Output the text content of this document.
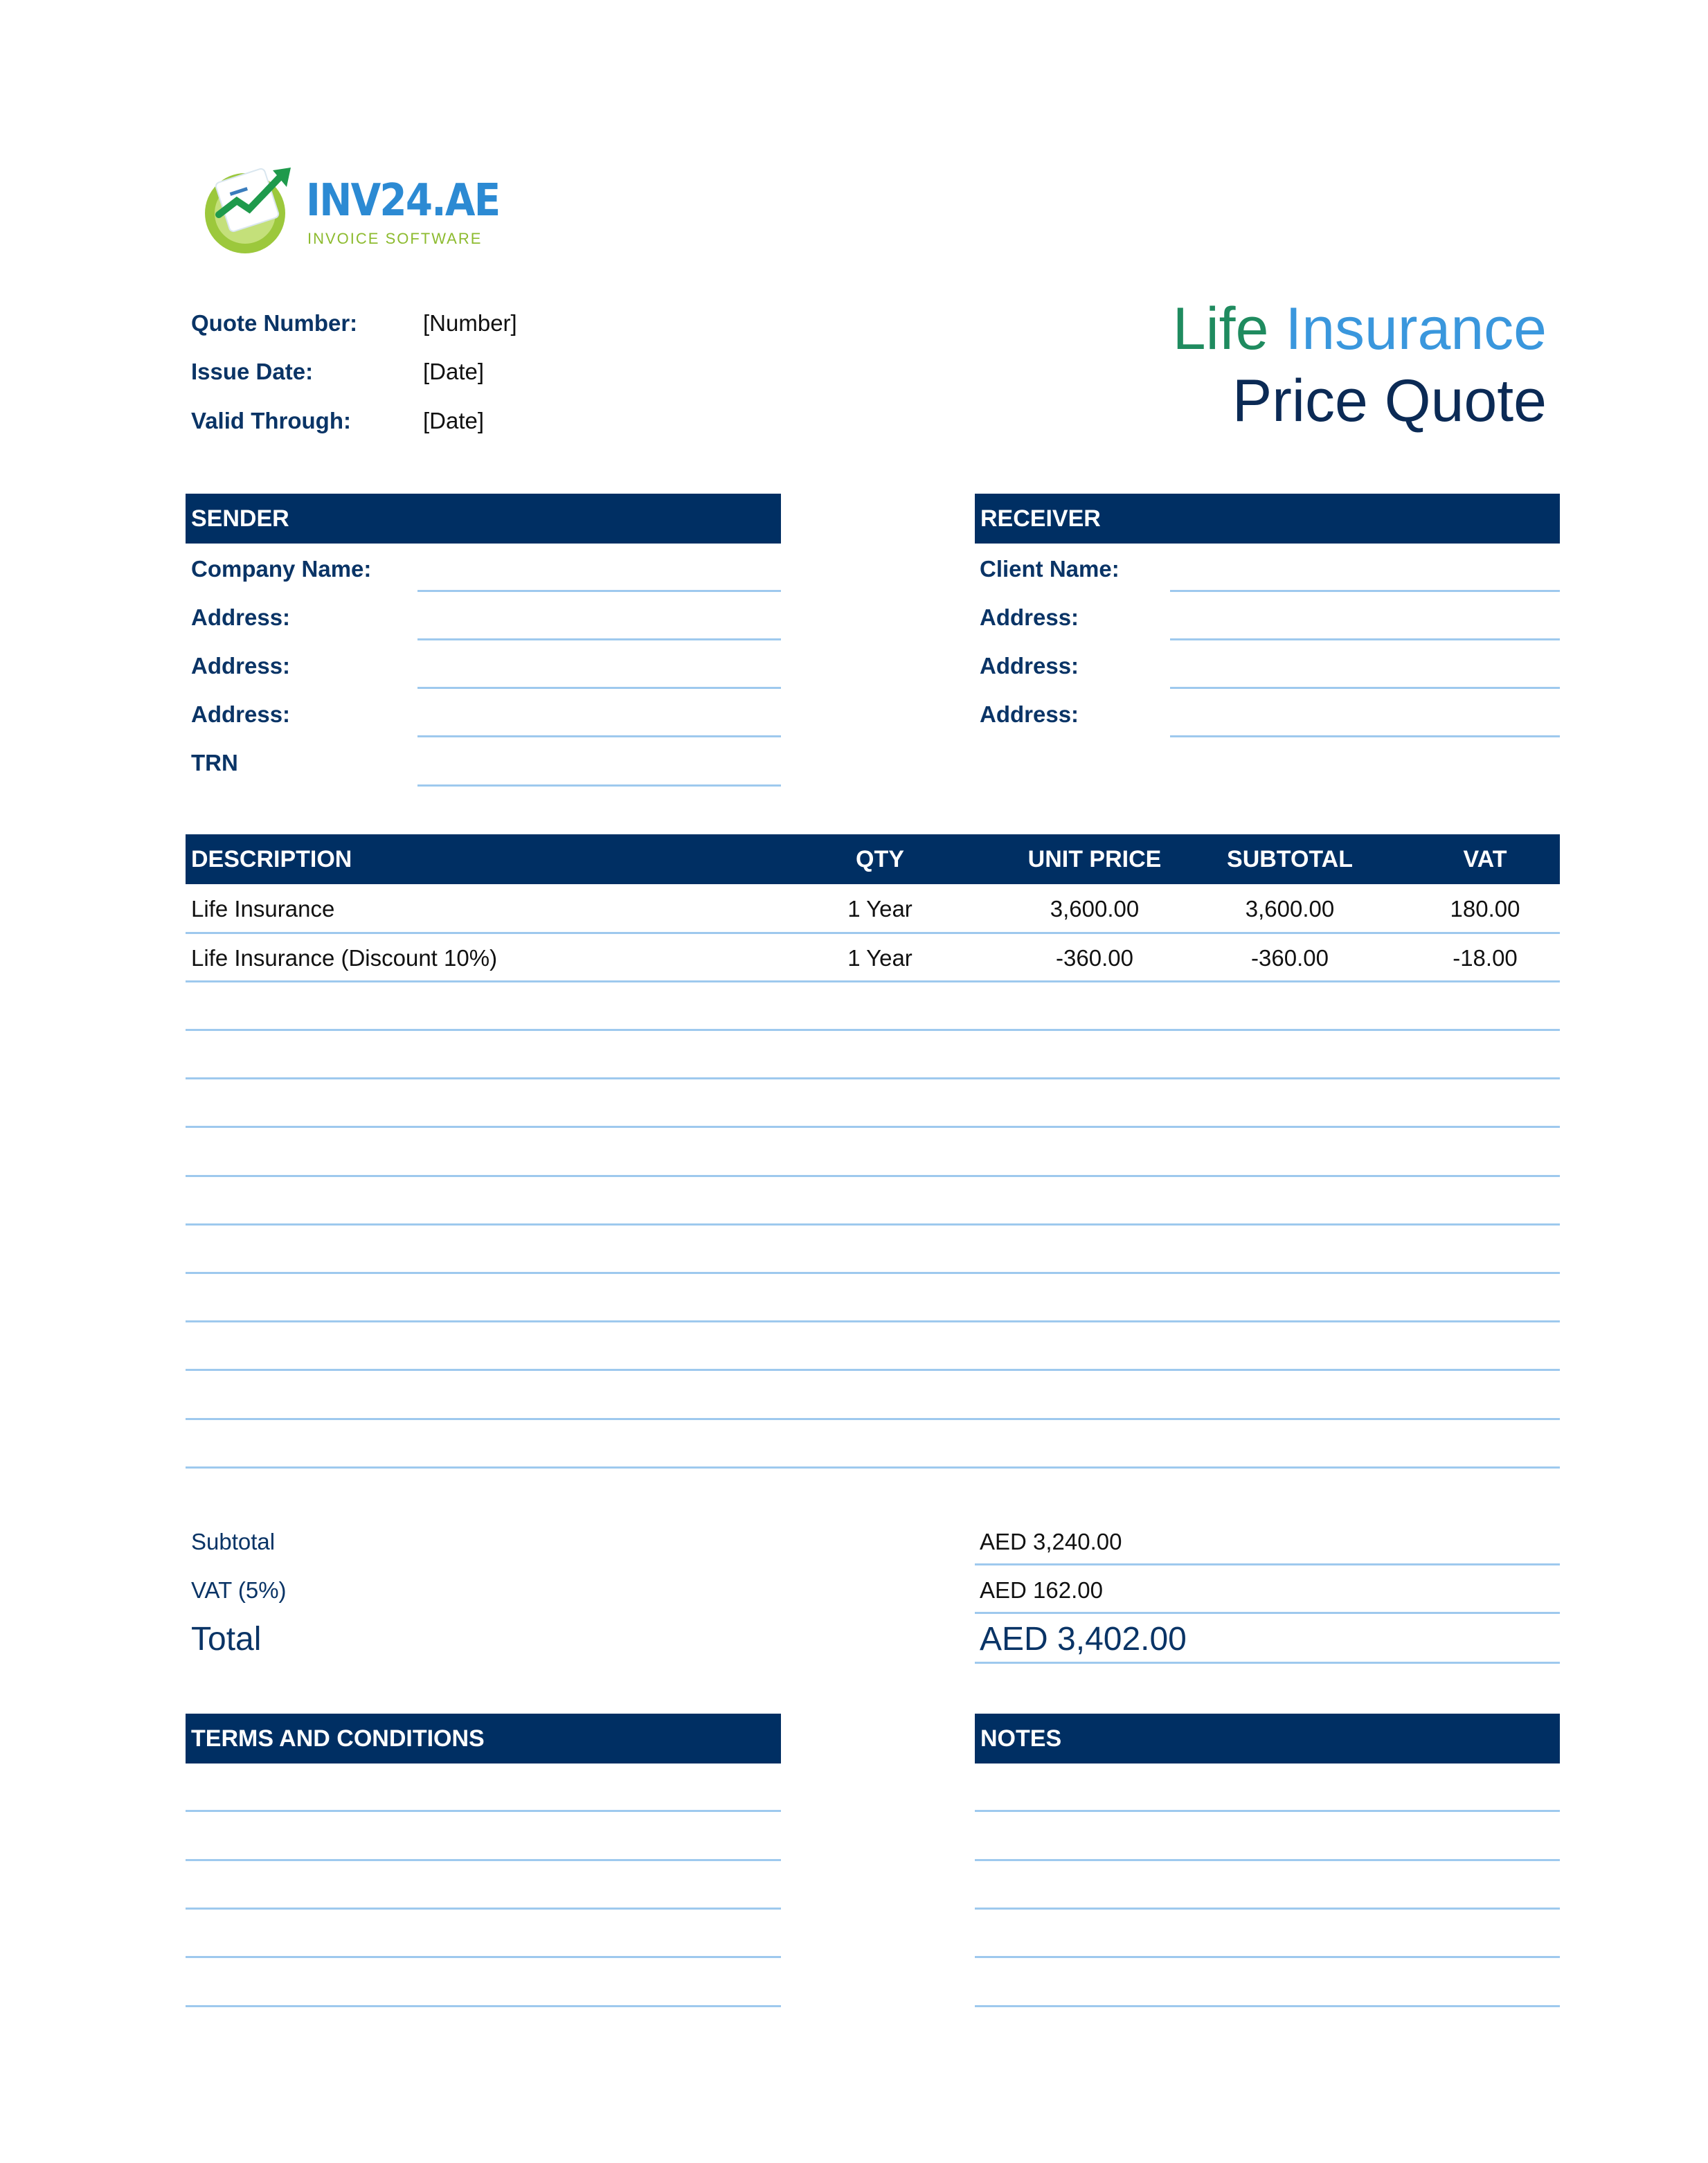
INV24.AE
INVOICE SOFTWARE
Quote Number:	[Number]
Issue Date:	[Date]
Valid Through:	[Date]
Life Insurance
Price Quote
SENDER
Company Name:
Address:
Address:
Address:
TRN
RECEIVER
Client Name:
Address:
Address:
Address:
DESCRIPTION	QTY	UNIT PRICE	SUBTOTAL	VAT
Life Insurance	1 Year	3,600.00	3,600.00	180.00
Life Insurance (Discount 10%)	1 Year	-360.00	-360.00	-18.00
Subtotal	AED 3,240.00
VAT (5%)	AED 162.00
Total	AED 3,402.00
TERMS AND CONDITIONS	NOTES
